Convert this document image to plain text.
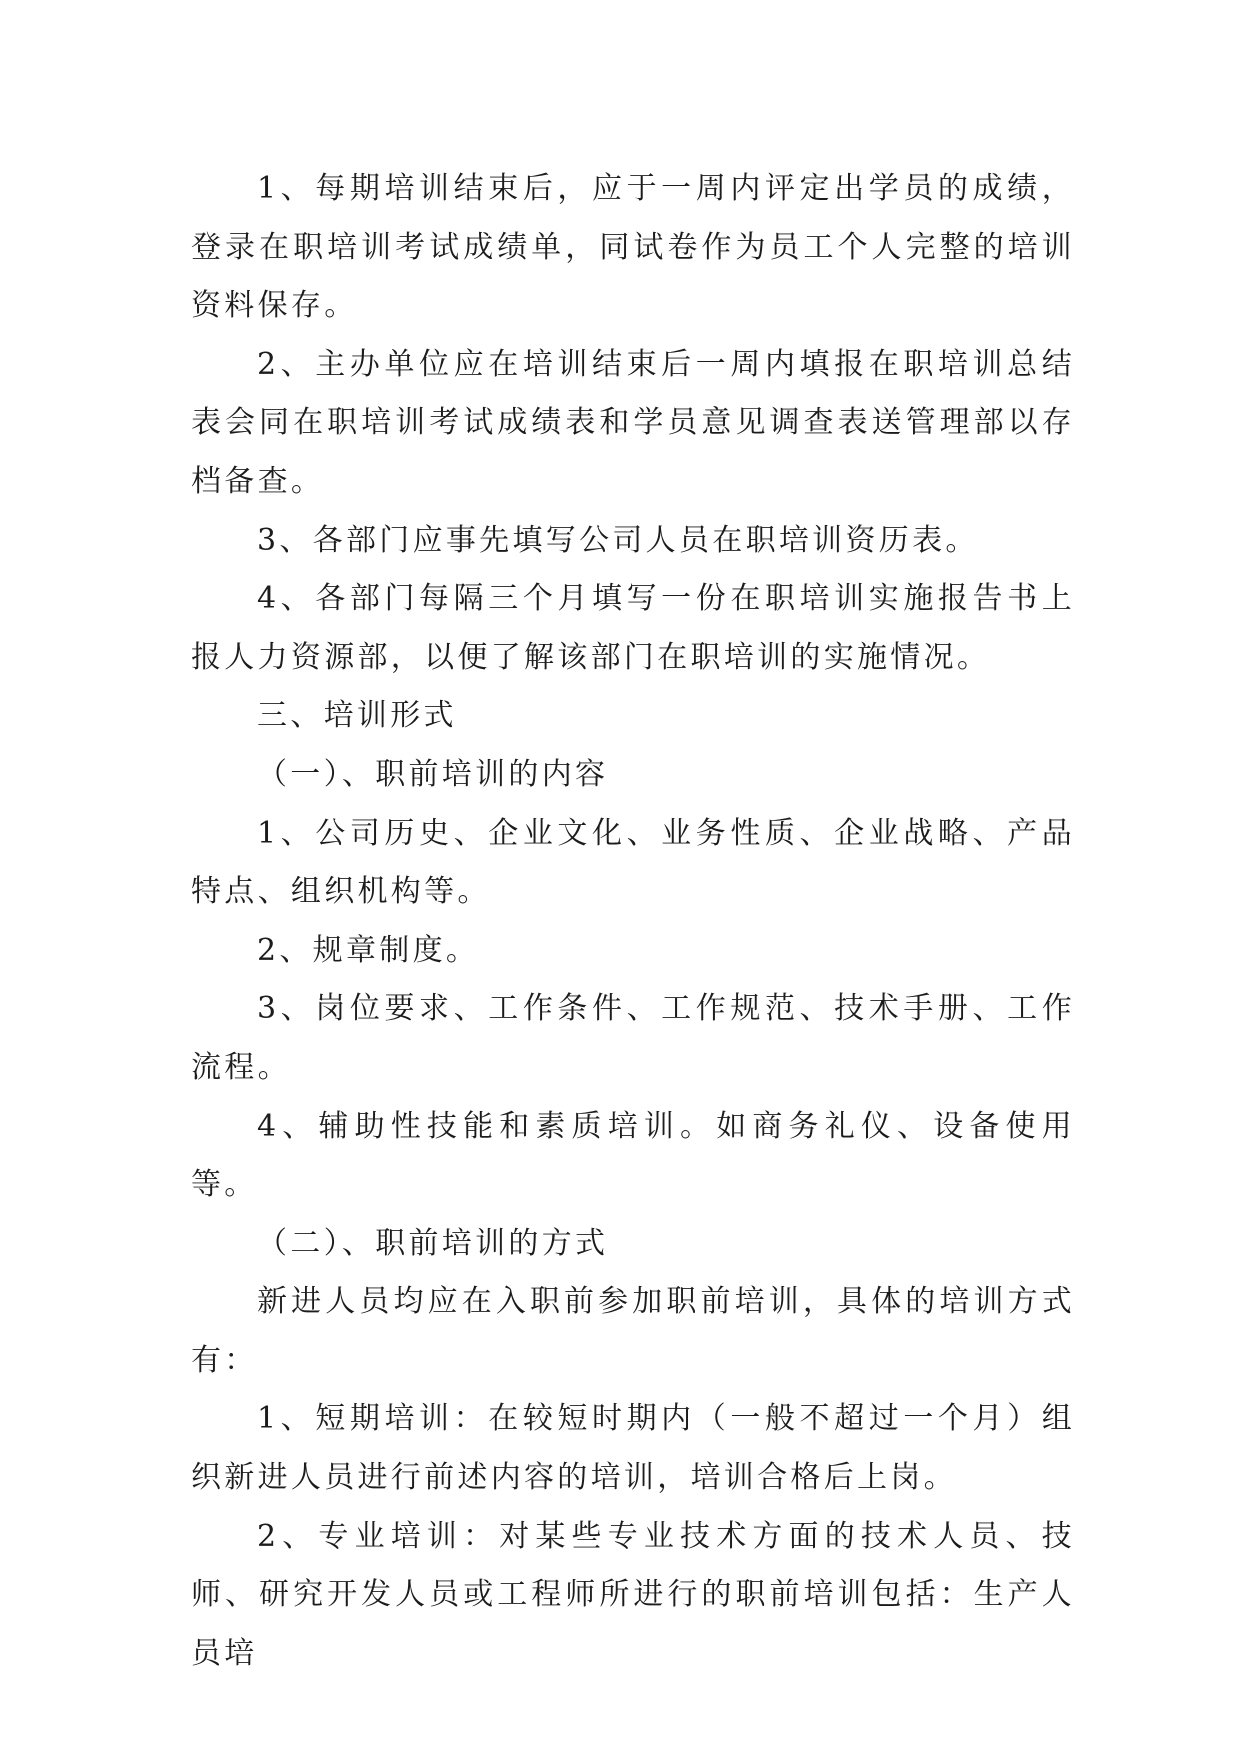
1、每期培训结束后，应于一周内评定出学员的成绩，登录在职培训考试成绩单，同试卷作为员工个人完整的培训资料保存。

2、主办单位应在培训结束后一周内填报在职培训总结表会同在职培训考试成绩表和学员意见调查表送管理部以存档备查。

3、各部门应事先填写公司人员在职培训资历表。

4、各部门每隔三个月填写一份在职培训实施报告书上报人力资源部，以便了解该部门在职培训的实施情况。

三、培训形式

（一）、职前培训的内容

1、公司历史、企业文化、业务性质、企业战略、产品特点、组织机构等。

2、规章制度。

3、岗位要求、工作条件、工作规范、技术手册、工作流程。

4、辅助性技能和素质培训。如商务礼仪、设备使用等。

（二）、职前培训的方式

新进人员均应在入职前参加职前培训，具体的培训方式有：

1、短期培训：在较短时期内（一般不超过一个月）组织新进人员进行前述内容的培训，培训合格后上岗。

2、专业培训：对某些专业技术方面的技术人员、技师、研究开发人员或工程师所进行的职前培训包括：生产人员培
